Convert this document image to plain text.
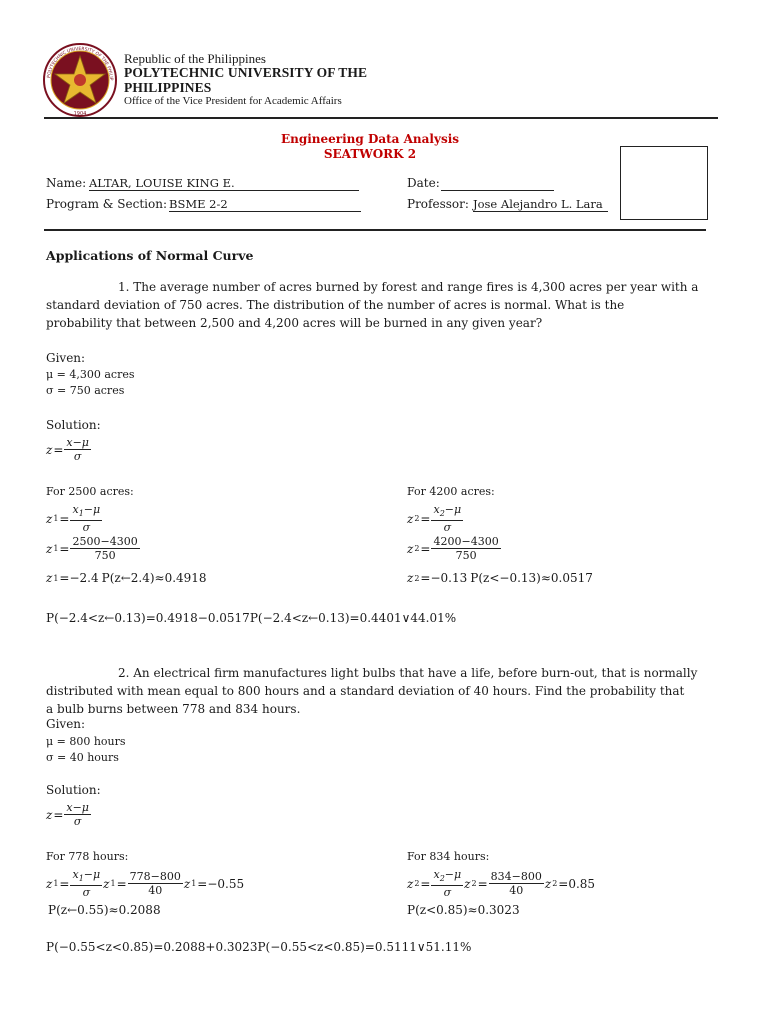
POLYTECHNIC UNIVERSITY OF THE PHILIP
1904
Republic of the Philippines
POLYTECHNIC UNIVERSITY OF THE
PHILIPPINES
Office of the Vice President for Academic Affairs
Engineering Data Analysis
SEATWORK 2
Name: ALTAR, LOUISE KING E.	Date:
Program & Section: BSME 2-2	Professor: Jose Alejandro L. Lara
Applications of Normal Curve
1. The average number of acres burned by forest and range fires is 4,300 acres per year with a
standard deviation of 750 acres. The distribution of the number of acres is normal. What is the
probability that between 2,500 and 4,200 acres will be burned in any given year?
Given:
μ = 4,300 acres
σ = 750 acres
Solution:
$z = \frac{x-\mu}{\sigma}$
For 2500 acres:	For 4200 acres:
z $1 = \frac{x_1-\mu}{\sigma}$	z $2 = \frac{x_2-\mu}{\sigma}$
z $1 = \frac{2500-4300}{750}$	z $2 = \frac{4200-4300}{750}$
z 1 =−2.4 P(z←2.4)≈0.4918	z 2 =−0.13 P(z<−0.13)≈0.0517
P(−2.4<z←0.13)=0.4918−0.0517P(−2.4<z←0.13)=0.4401∨44.01%
2. An electrical firm manufactures light bulbs that have a life, before burn-out, that is normally
distributed with mean equal to 800 hours and a standard deviation of 40 hours. Find the probability that
a bulb burns between 778 and 834 hours.
Given:
μ = 800 hours
σ = 40 hours
Solution:
$z = \frac{x-\mu}{\sigma}$
For 778 hours:	For 834 hours:
z $1 = \frac{x_1-\mu}{\sigma}$ z $1 = \frac{778-800}{40}$ z 1 =−0.55	z $2 = \frac{x_2-\mu}{\sigma}$ z $2 = \frac{834-800}{40}$ z 2 =0.85
P(z←0.55)≈0.2088	P(z<0.85)≈0.3023
P(−0.55<z<0.85)=0.2088+0.3023P(−0.55<z<0.85)=0.5111∨51.11%
